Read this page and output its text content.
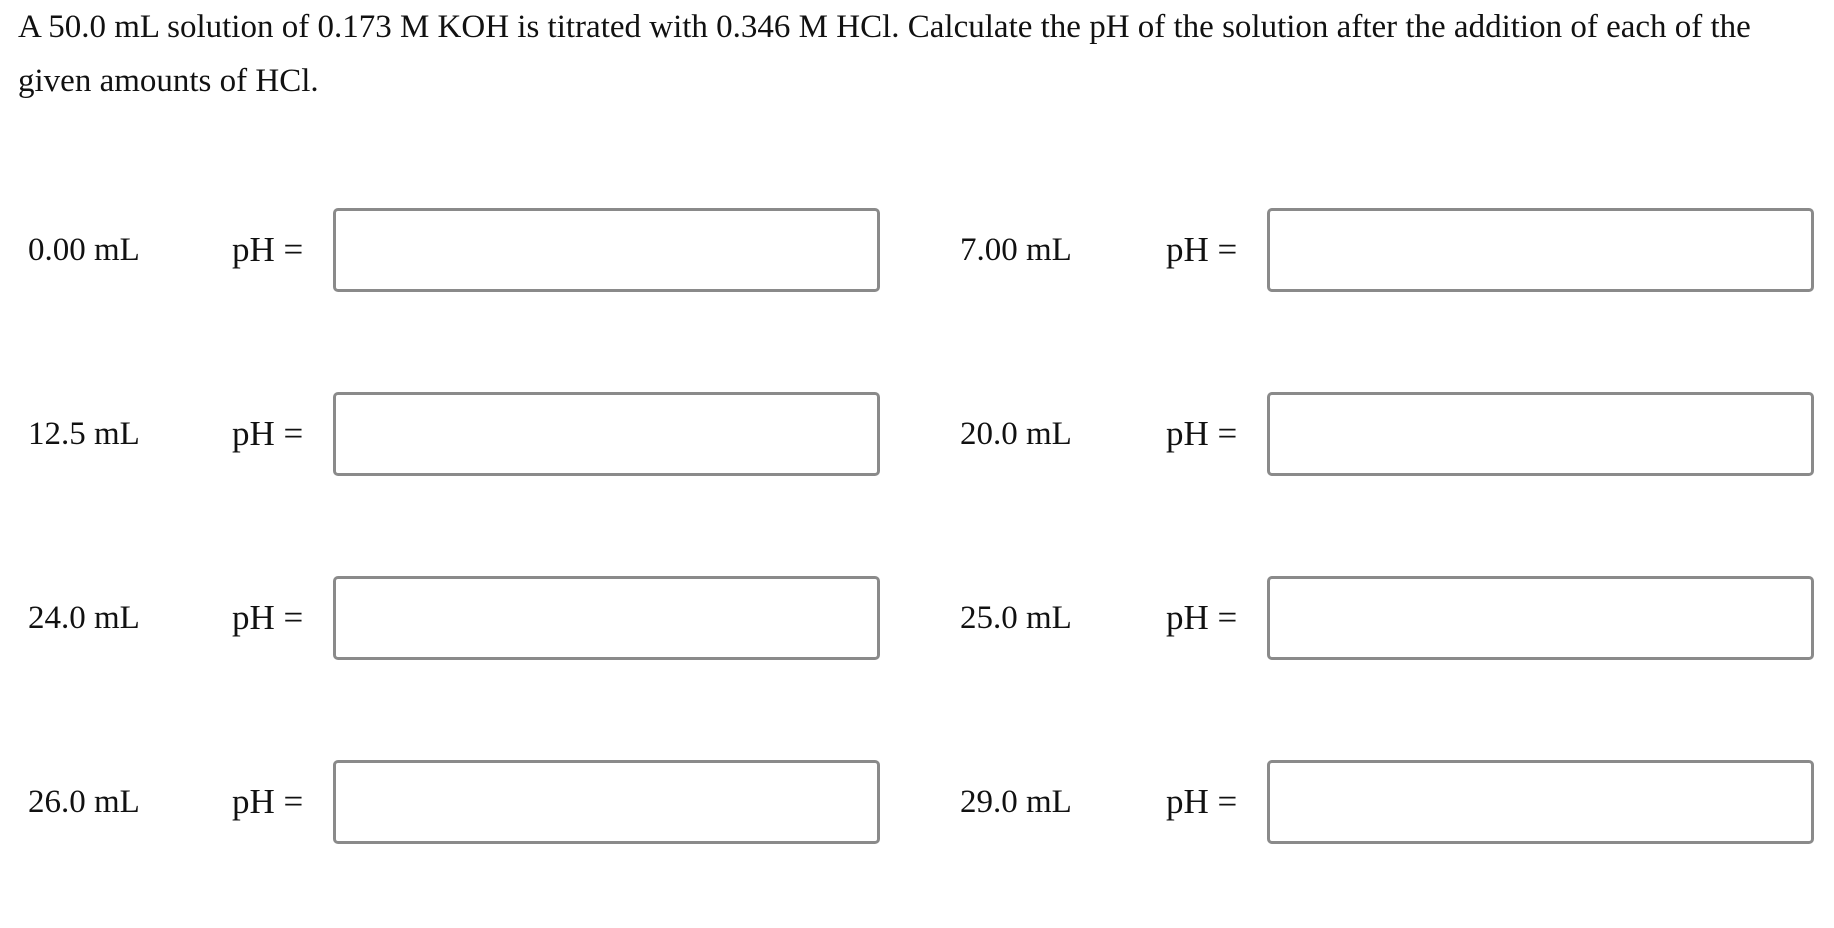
A 50.0 mL solution of 0.173 M KOH is titrated with 0.346 M HCl. Calculate the pH of the solution after the addition of each of the given amounts of HCl.

0.00 mL	pH =	7.00 mL	pH =
12.5 mL	pH =	20.0 mL	pH =
24.0 mL	pH =	25.0 mL	pH =
26.0 mL	pH =	29.0 mL	pH =
